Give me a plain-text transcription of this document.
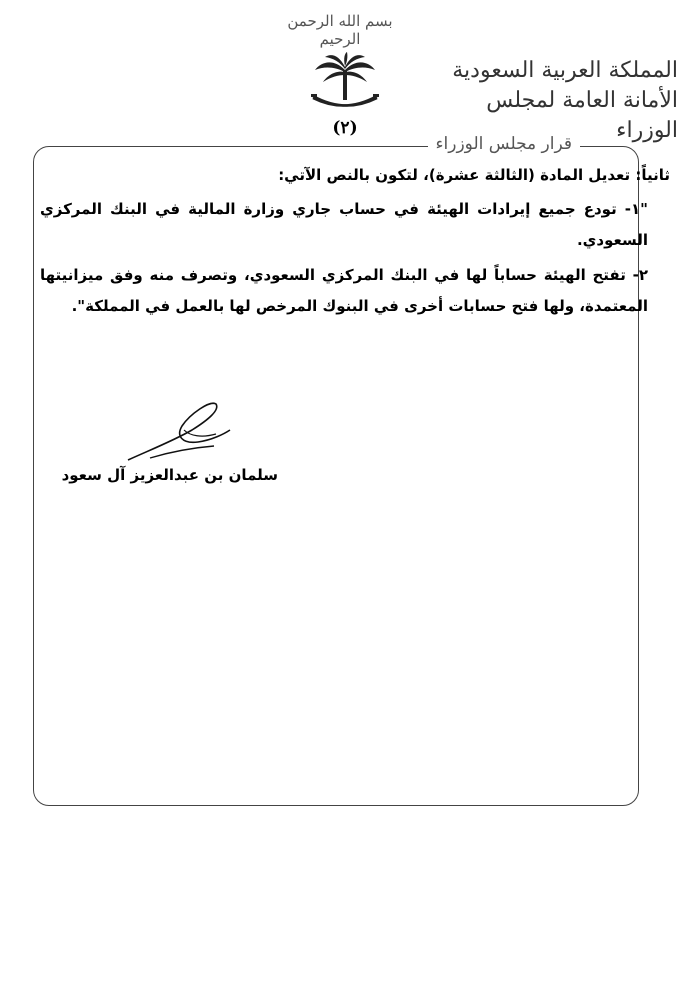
بسم الله الرحمن الرحيم
(٢)
المملكة العربية السعودية
الأمانة العامة لمجلس الوزراء
قرار مجلس الوزراء

ثانياً: تعديل المادة (الثالثة عشرة)، لتكون بالنص الآتي:

"١- تودع جميع إيرادات الهيئة في حساب جاري وزارة المالية في البنك المركزي السعودي.

٢- تفتح الهيئة حساباً لها في البنك المركزي السعودي، وتصرف منه وفق ميزانيتها المعتمدة، ولها فتح حسابات أخرى في البنوك المرخص لها بالعمل في المملكة".

سلمان بن عبدالعزيز آل سعود
